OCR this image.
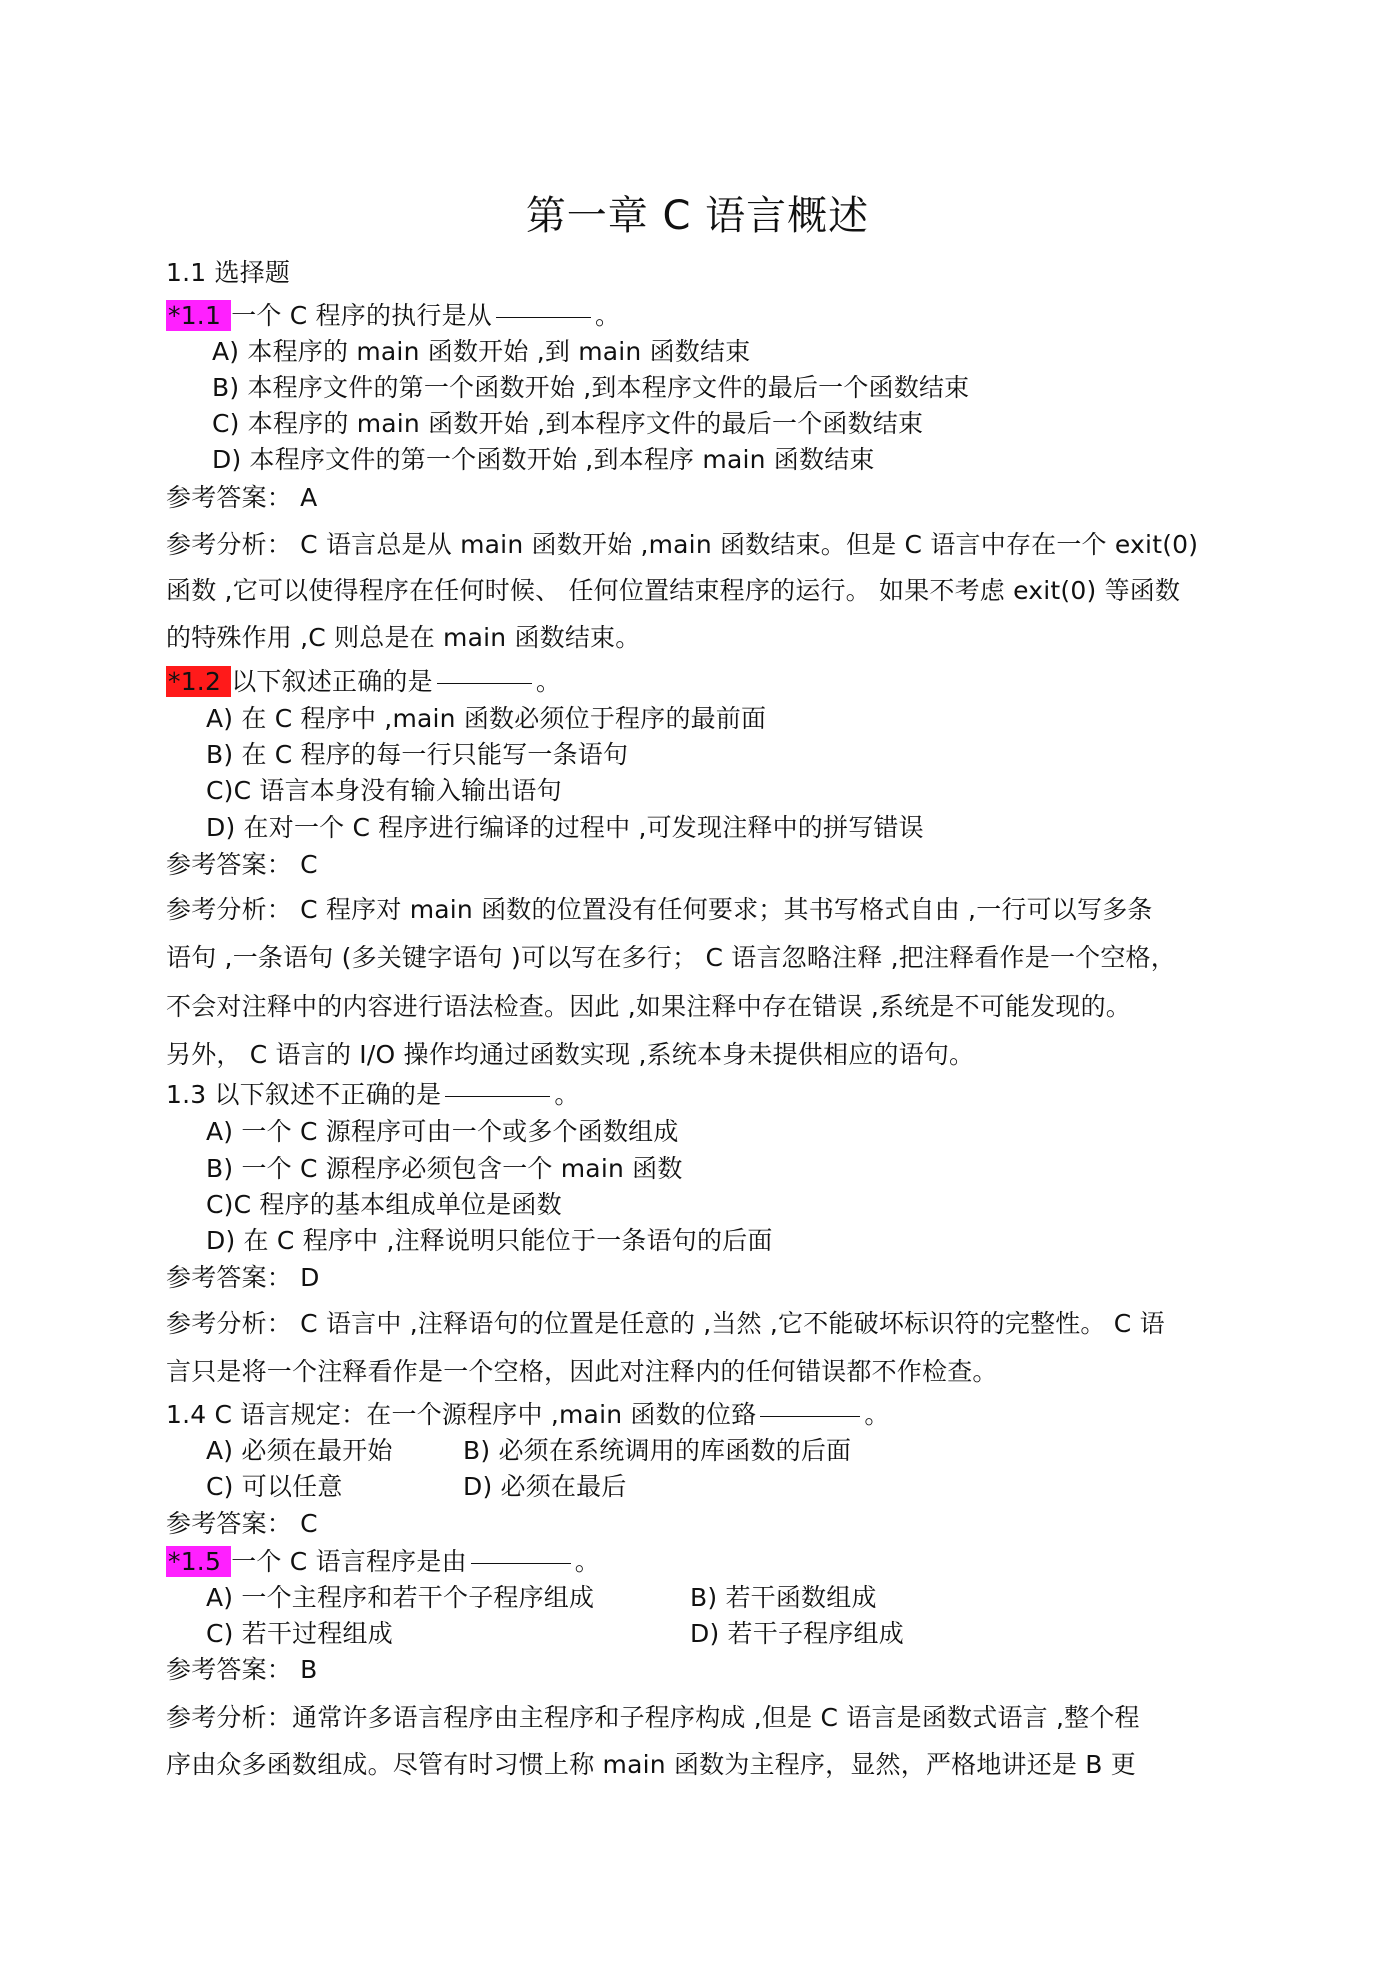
第一章 C 语言概述
1.1 选择题
*1.1 一个 C 程序的执行是从	。
A) 本程序的 main 函数开始 ,到 main 函数结束
B) 本程序文件的第一个函数开始 ,到本程序文件的最后一个函数结束
C) 本程序的 main 函数开始 ,到本程序文件的最后一个函数结束
D) 本程序文件的第一个函数开始 ,到本程序 main 函数结束
参考答案： A
参考分析： C 语言总是从 main 函数开始 ,main 函数结束。但是 C 语言中存在一个 exit(0)
函数 ,它可以使得程序在任何时候、 任何位置结束程序的运行。 如果不考虑 exit(0) 等函数
的特殊作用 ,C 则总是在 main 函数结束。
*1.2 以下叙述正确的是	。
A) 在 C 程序中 ,main 函数必须位于程序的最前面
B) 在 C 程序的每一行只能写一条语句
C)C 语言本身没有输入输出语句
D) 在对一个 C 程序进行编译的过程中 ,可发现注释中的拼写错误
参考答案： C
参考分析： C 程序对 main 函数的位置没有任何要求；其书写格式自由 ,一行可以写多条
语句 ,一条语句 (多关键字语句 )可以写在多行； C 语言忽略注释 ,把注释看作是一个空格，
不会对注释中的内容进行语法检查。因此 ,如果注释中存在错误 ,系统是不可能发现的。
另外， C 语言的 I/O 操作均通过函数实现 ,系统本身未提供相应的语句。
1.3 以下叙述不正确的是	。
A) 一个 C 源程序可由一个或多个函数组成
B) 一个 C 源程序必须包含一个 main 函数
C)C 程序的基本组成单位是函数
D) 在 C 程序中 ,注释说明只能位于一条语句的后面
参考答案： D
参考分析： C 语言中 ,注释语句的位置是任意的 ,当然 ,它不能破坏标识符的完整性。 C 语
言只是将一个注释看作是一个空格，因此对注释内的任何错误都不作检查。
1.4 C 语言规定：在一个源程序中 ,main 函数的位臵	。
A) 必须在最开始	B) 必须在系统调用的库函数的后面
C) 可以任意	D) 必须在最后
参考答案： C
*1.5 一个 C 语言程序是由	。
A) 一个主程序和若干个子程序组成	B) 若干函数组成
C) 若干过程组成	D) 若干子程序组成
参考答案： B
参考分析：通常许多语言程序由主程序和子程序构成 ,但是 C 语言是函数式语言 ,整个程
序由众多函数组成。尽管有时习惯上称 main 函数为主程序，显然，严格地讲还是 B 更
